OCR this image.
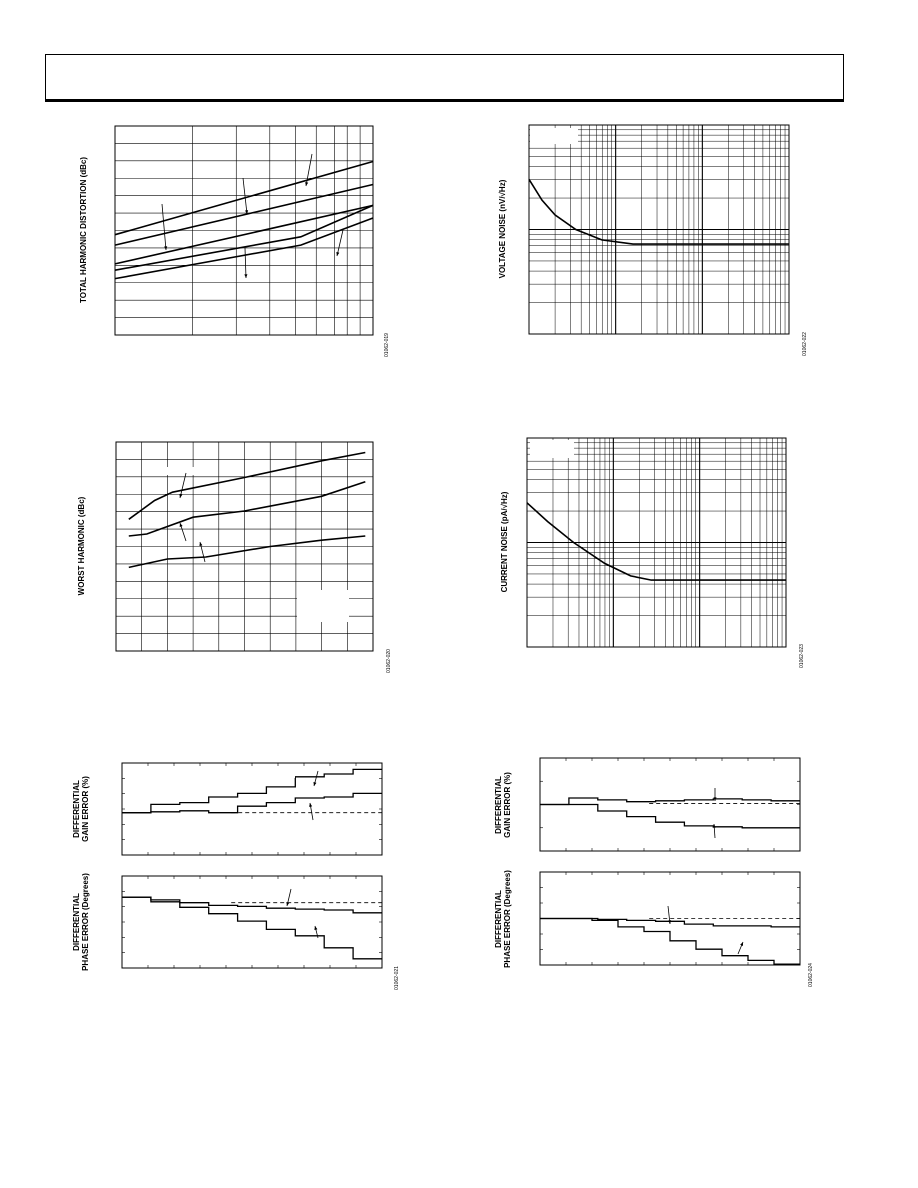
TOTAL HARMONIC DISTORTION (dBc)
01062-019
VOLTAGE NOISE (nV/√Hz)
01062-022
WORST HARMONIC (dBc)
01062-020
CURRENT NOISE (pA/√Hz)
01062-023
DIFFERENTIAL GAIN ERROR (%)
DIFFERENTIAL PHASE ERROR (Degrees)
01062-021
DIFFERENTIAL GAIN ERROR (%)
DIFFERENTIAL PHASE ERROR (Degrees)
01062-024
